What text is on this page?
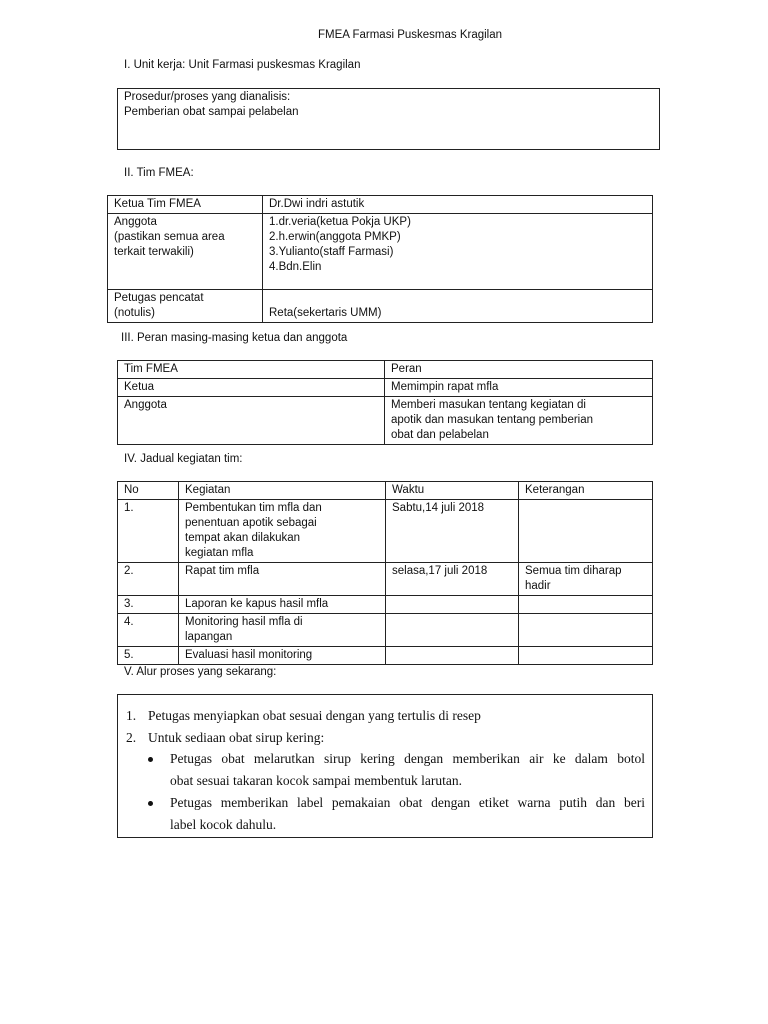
FMEA Farmasi Puskesmas Kragilan
I. Unit kerja: Unit Farmasi puskesmas Kragilan
Prosedur/proses yang dianalisis:
Pemberian obat sampai pelabelan
II. Tim FMEA:
Ketua Tim FMEA	Dr.Dwi indri astutik

Anggota
(pastikan semua area
terkait terwakili)	1.dr.veria(ketua Pokja UKP)
2.h.erwin(anggota PMKP)
3.Yulianto(staff Farmasi)
4.Bdn.Elin

Petugas pencatat
(notulis)	Reta(sekertaris UMM)
III. Peran masing-masing ketua dan anggota
Tim FMEA	Peran
Ketua	Memimpin rapat mfla
Anggota	Memberi masukan tentang kegiatan di
apotik dan masukan tentang pemberian
obat dan pelabelan
IV. Jadual kegiatan tim:
No	Kegiatan	Waktu	Keterangan
1.	Pembentukan tim mfla dan
penentuan apotik sebagai
tempat akan dilakukan
kegiatan mfla	Sabtu,14 juli 2018	
2.	Rapat tim mfla	selasa,17 juli 2018	Semua tim diharap
hadir

3.	Laporan ke kapus hasil mfla		
4.	Monitoring hasil mfla di
lapangan		

5.	Evaluasi hasil monitoring		
V. Alur proses yang sekarang:
1. Petugas menyiapkan obat sesuai dengan yang tertulis di resep
2. Untuk sediaan obat sirup kering:
Petugas obat melarutkan sirup kering dengan memberikan air ke dalam botol
obat sesuai takaran kocok sampai membentuk larutan.
Petugas memberikan label pemakaian obat dengan etiket warna putih dan beri
label kocok dahulu.
